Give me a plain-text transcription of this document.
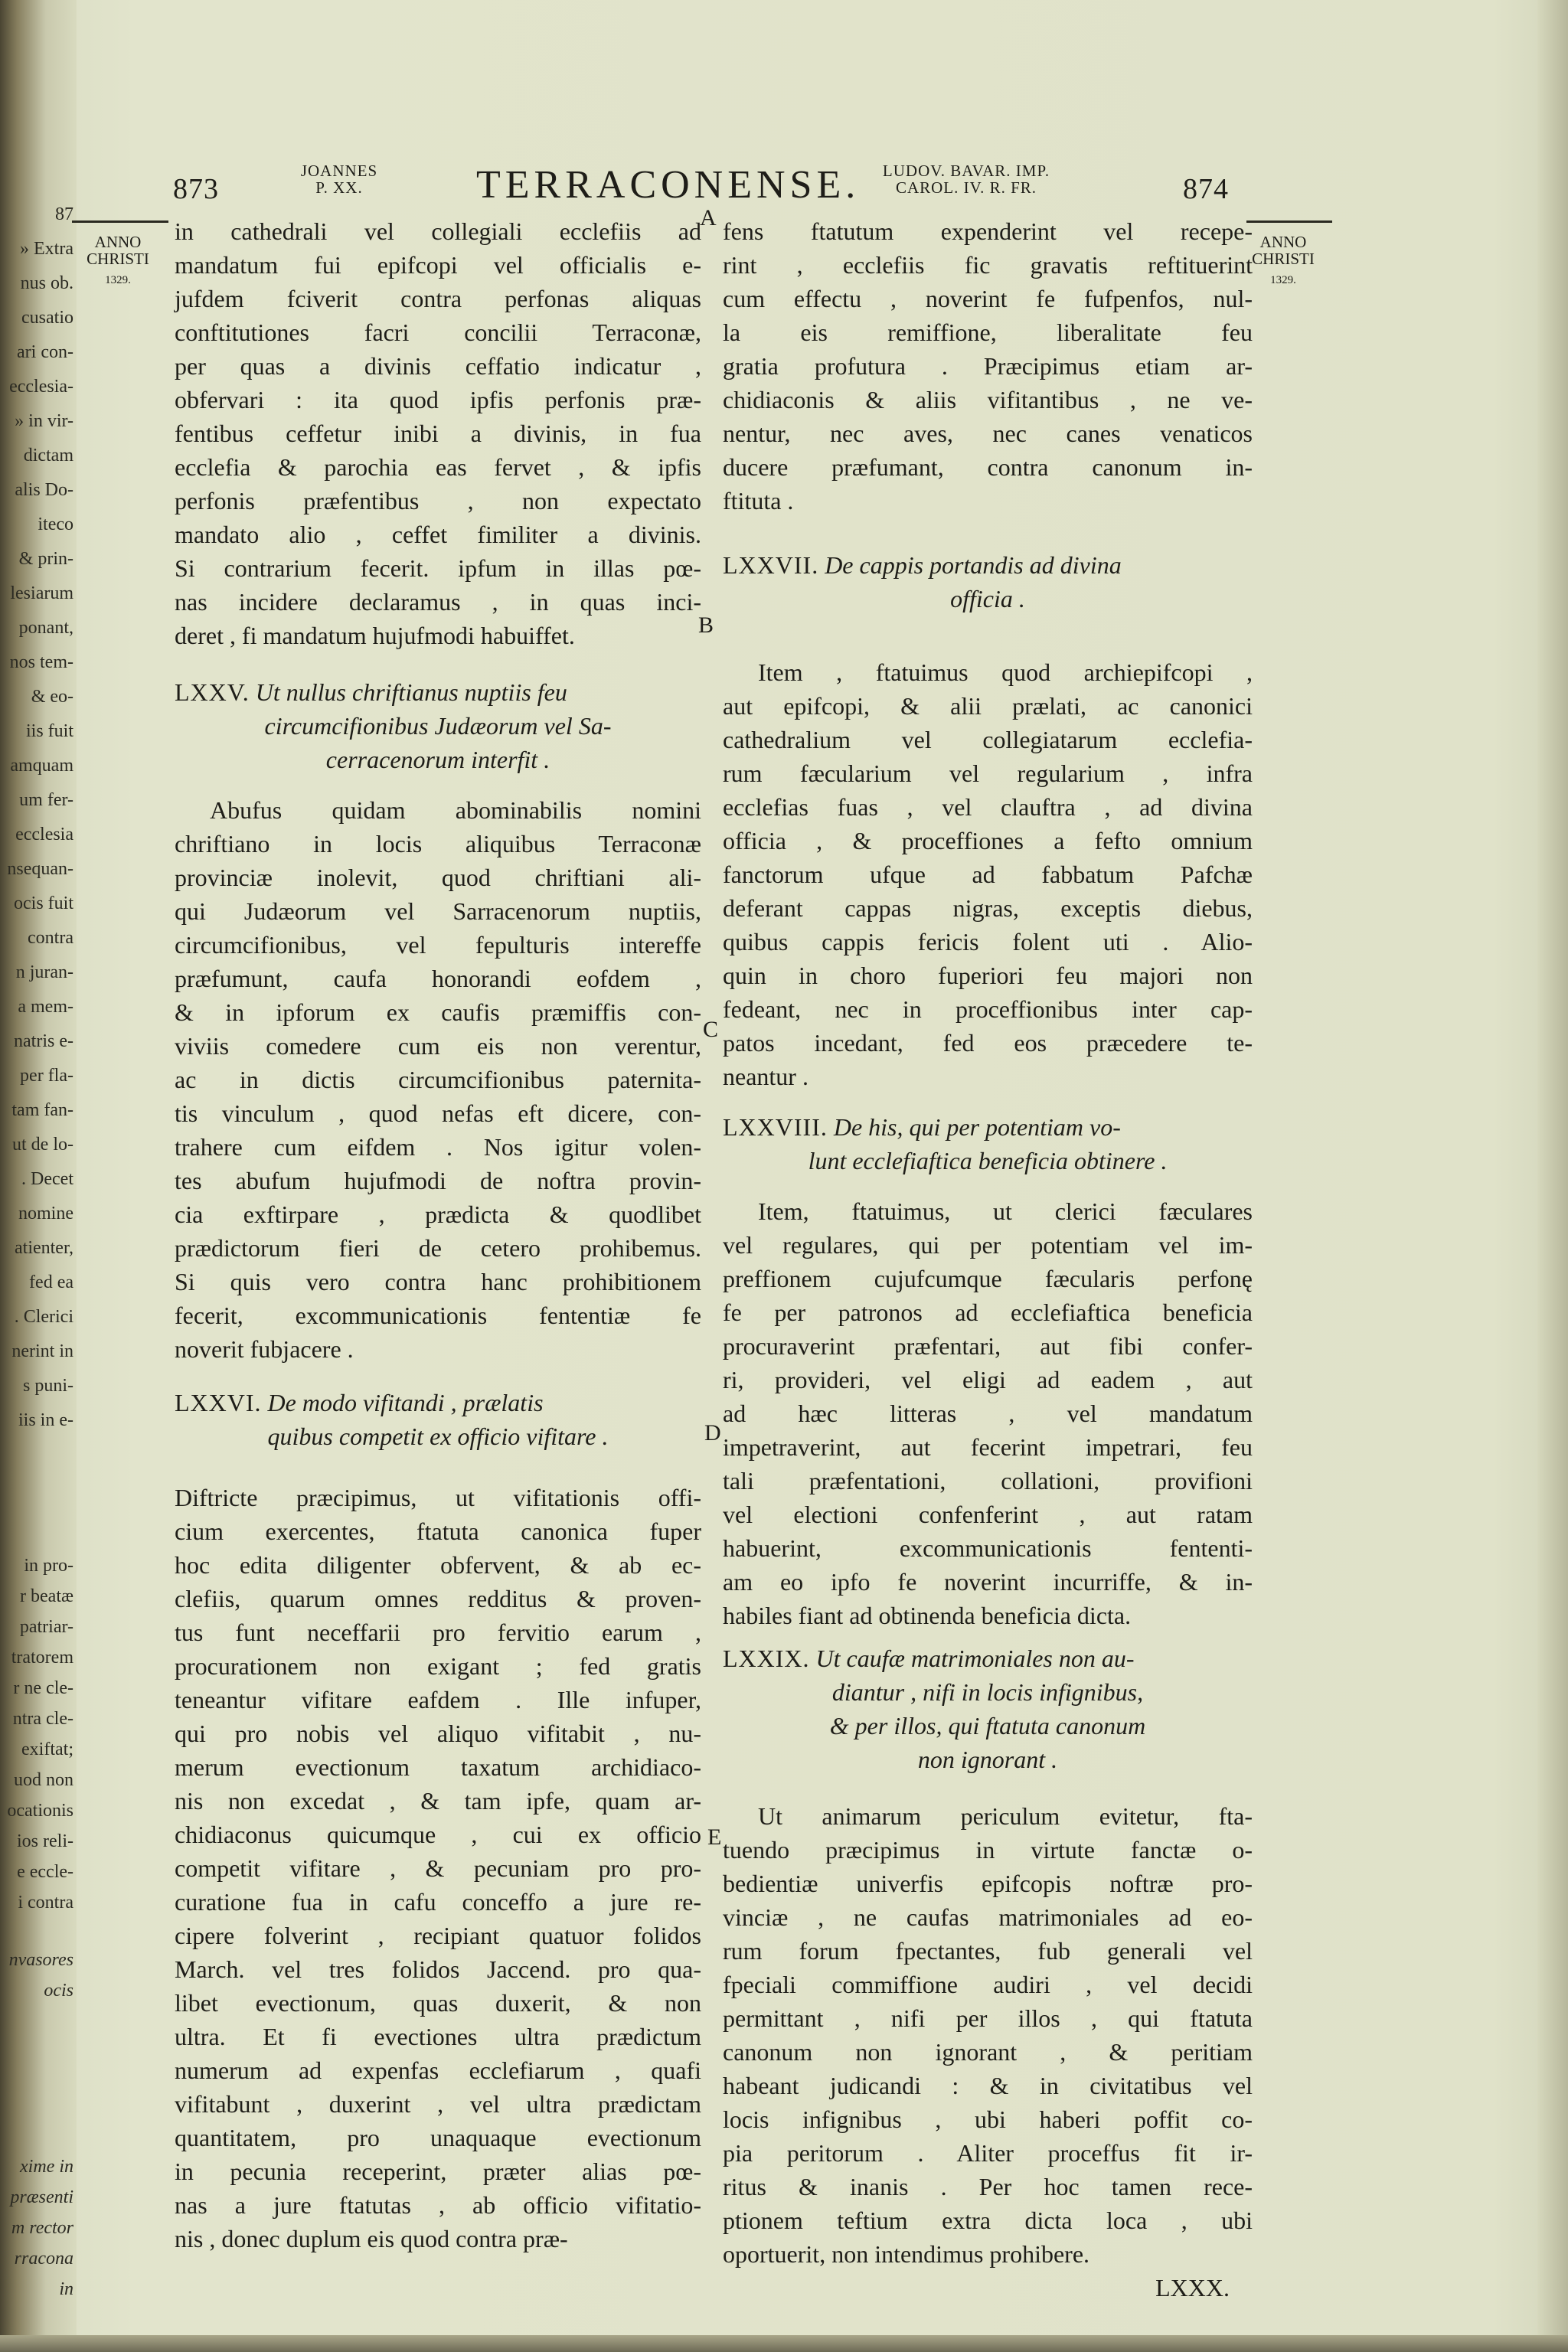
87
» Extra
nus ob.
cusatio
ari con-
ecclesia-
» in vir-
dictam
alis Do-
iteco
& prin-
lesiarum
ponant,
nos tem-
& eo-
iis fuit
amquam
um fer-
ecclesia
nsequan-
ocis fuit
contra
n juran-
a mem-
natris e-
per fla-
tam fan-
ut de lo-
. Decet
nomine
atienter,
fed ea
. Clerici
nerint in
s puni-
iis in e-
in pro-
r beatæ
patriar-
tratorem
r ne cle-
ntra cle-
exiftat;
uod non
ocationis
ios reli-
e eccle-
i contra
nvasores
ocis
xime in
præsenti
m rector
rracona
in
873
JOANNES
P. XX.	TERRACONENSE.	LUDOV. BAVAR. IMP.
CAROL. IV. R. FR.	874
ANNO
CHRISTI
1329.
ANNO
CHRISTI
1329.
A
B
C
D
E
in cathedrali vel collegiali ecclefiis ad
mandatum fui epifcopi vel officialis e-
jufdem fciverit contra perfonas aliquas
conftitutiones facri concilii Terraconæ,
per quas a divinis ceffatio indicatur ,
obfervari : ita quod ipfis perfonis præ-
fentibus ceffetur inibi a divinis, in fua
ecclefia & parochia eas fervet , & ipfis
perfonis præfentibus , non expectato
mandato alio , ceffet fimiliter a divinis.
Si contrarium fecerit. ipfum in illas pœ-
nas incidere declaramus , in quas inci-
deret , fi mandatum hujufmodi habuiffet.
LXXV. Ut nullus chriftianus nuptiis feu
circumcifionibus Judæorum vel Sa-
cerracenorum interfit .
Abufus quidam abominabilis nomini
chriftiano in locis aliquibus Terraconæ
provinciæ inolevit, quod chriftiani ali-
qui Judæorum vel Sarracenorum nuptiis,
circumcifionibus, vel fepulturis intereffe
præfumunt, caufa honorandi eofdem ,
& in ipforum ex caufis præmiffis con-
viviis comedere cum eis non verentur,
ac in dictis circumcifionibus paternita-
tis vinculum , quod nefas eft dicere, con-
trahere cum eifdem . Nos igitur volen-
tes abufum hujufmodi de noftra provin-
cia exftirpare , prædicta & quodlibet
prædictorum fieri de cetero prohibemus.
Si quis vero contra hanc prohibitionem
fecerit, excommunicationis fententiæ fe
noverit fubjacere .
LXXVI. De modo vifitandi , prælatis
quibus competit ex officio vifitare .
Diftricte præcipimus, ut vifitationis offi-
cium exercentes, ftatuta canonica fuper
hoc edita diligenter obfervent, & ab ec-
clefiis, quarum omnes redditus & proven-
tus funt neceffarii pro fervitio earum ,
procurationem non exigant ; fed gratis
teneantur vifitare eafdem . Ille infuper,
qui pro nobis vel aliquo vifitabit , nu-
merum evectionum taxatum archidiaco-
nis non excedat , & tam ipfe, quam ar-
chidiaconus quicumque , cui ex officio
competit vifitare , & pecuniam pro pro-
curatione fua in cafu conceffo a jure re-
cipere folverint , recipiant quatuor folidos
March. vel tres folidos Jaccend. pro qua-
libet evectionum, quas duxerit, & non
ultra. Et fi evectiones ultra prædictum
numerum ad expenfas ecclefiarum , quafi
vifitabunt , duxerint , vel ultra prædictam
quantitatem, pro unaquaque evectionum
in pecunia receperint, præter alias pœ-
nas a jure ftatutas , ab officio vifitatio-
nis , donec duplum eis quod contra præ-
fens ftatutum expenderint vel recepe-
rint , ecclefiis fic gravatis reftituerint
cum effectu , noverint fe fufpenfos, nul-
la eis remiffione, liberalitate feu
gratia profutura . Præcipimus etiam ar-
chidiaconis & aliis vifitantibus , ne ve-
nentur, nec aves, nec canes venaticos
ducere præfumant, contra canonum in-
ftituta .
LXXVII. De cappis portandis ad divina
officia .
Item , ftatuimus quod archiepifcopi ,
aut epifcopi, & alii prælati, ac canonici
cathedralium vel collegiatarum ecclefia-
rum fæcularium vel regularium , infra
ecclefias fuas , vel clauftra , ad divina
officia , & proceffiones a fefto omnium
fanctorum ufque ad fabbatum Pafchæ
deferant cappas nigras, exceptis diebus,
quibus cappis fericis folent uti . Alio-
quin in choro fuperiori feu majori non
fedeant, nec in proceffionibus inter cap-
patos incedant, fed eos præcedere te-
neantur .
LXXVIII. De his, qui per potentiam vo-
lunt ecclefiaftica beneficia obtinere .
Item, ftatuimus, ut clerici fæculares
vel regulares, qui per potentiam vel im-
preffionem cujufcumque fæcularis perfonę
fe per patronos ad ecclefiaftica beneficia
procuraverint præfentari, aut fibi confer-
ri, provideri, vel eligi ad eadem , aut
ad hæc litteras , vel mandatum
impetraverint, aut fecerint impetrari, feu
tali præfentationi, collationi, provifioni
vel electioni confenferint , aut ratam
habuerint, excommunicationis fententi-
am eo ipfo fe noverint incurriffe, & in-
habiles fiant ad obtinenda beneficia dicta.
LXXIX. Ut caufæ matrimoniales non au-
diantur , nifi in locis infignibus,
& per illos, qui ftatuta canonum
non ignorant .
Ut animarum periculum evitetur, fta-
tuendo præcipimus in virtute fanctæ o-
bedientiæ univerfis epifcopis noftræ pro-
vinciæ , ne caufas matrimoniales ad eo-
rum forum fpectantes, fub generali vel
fpeciali commiffione audiri , vel decidi
permittant , nifi per illos , qui ftatuta
canonum non ignorant , & peritiam
habeant judicandi : & in civitatibus vel
locis infignibus , ubi haberi poffit co-
pia peritorum . Aliter proceffus fit ir-
ritus & inanis . Per hoc tamen rece-
ptionem teftium extra dicta loca , ubi
oportuerit, non intendimus prohibere.
LXXX.
